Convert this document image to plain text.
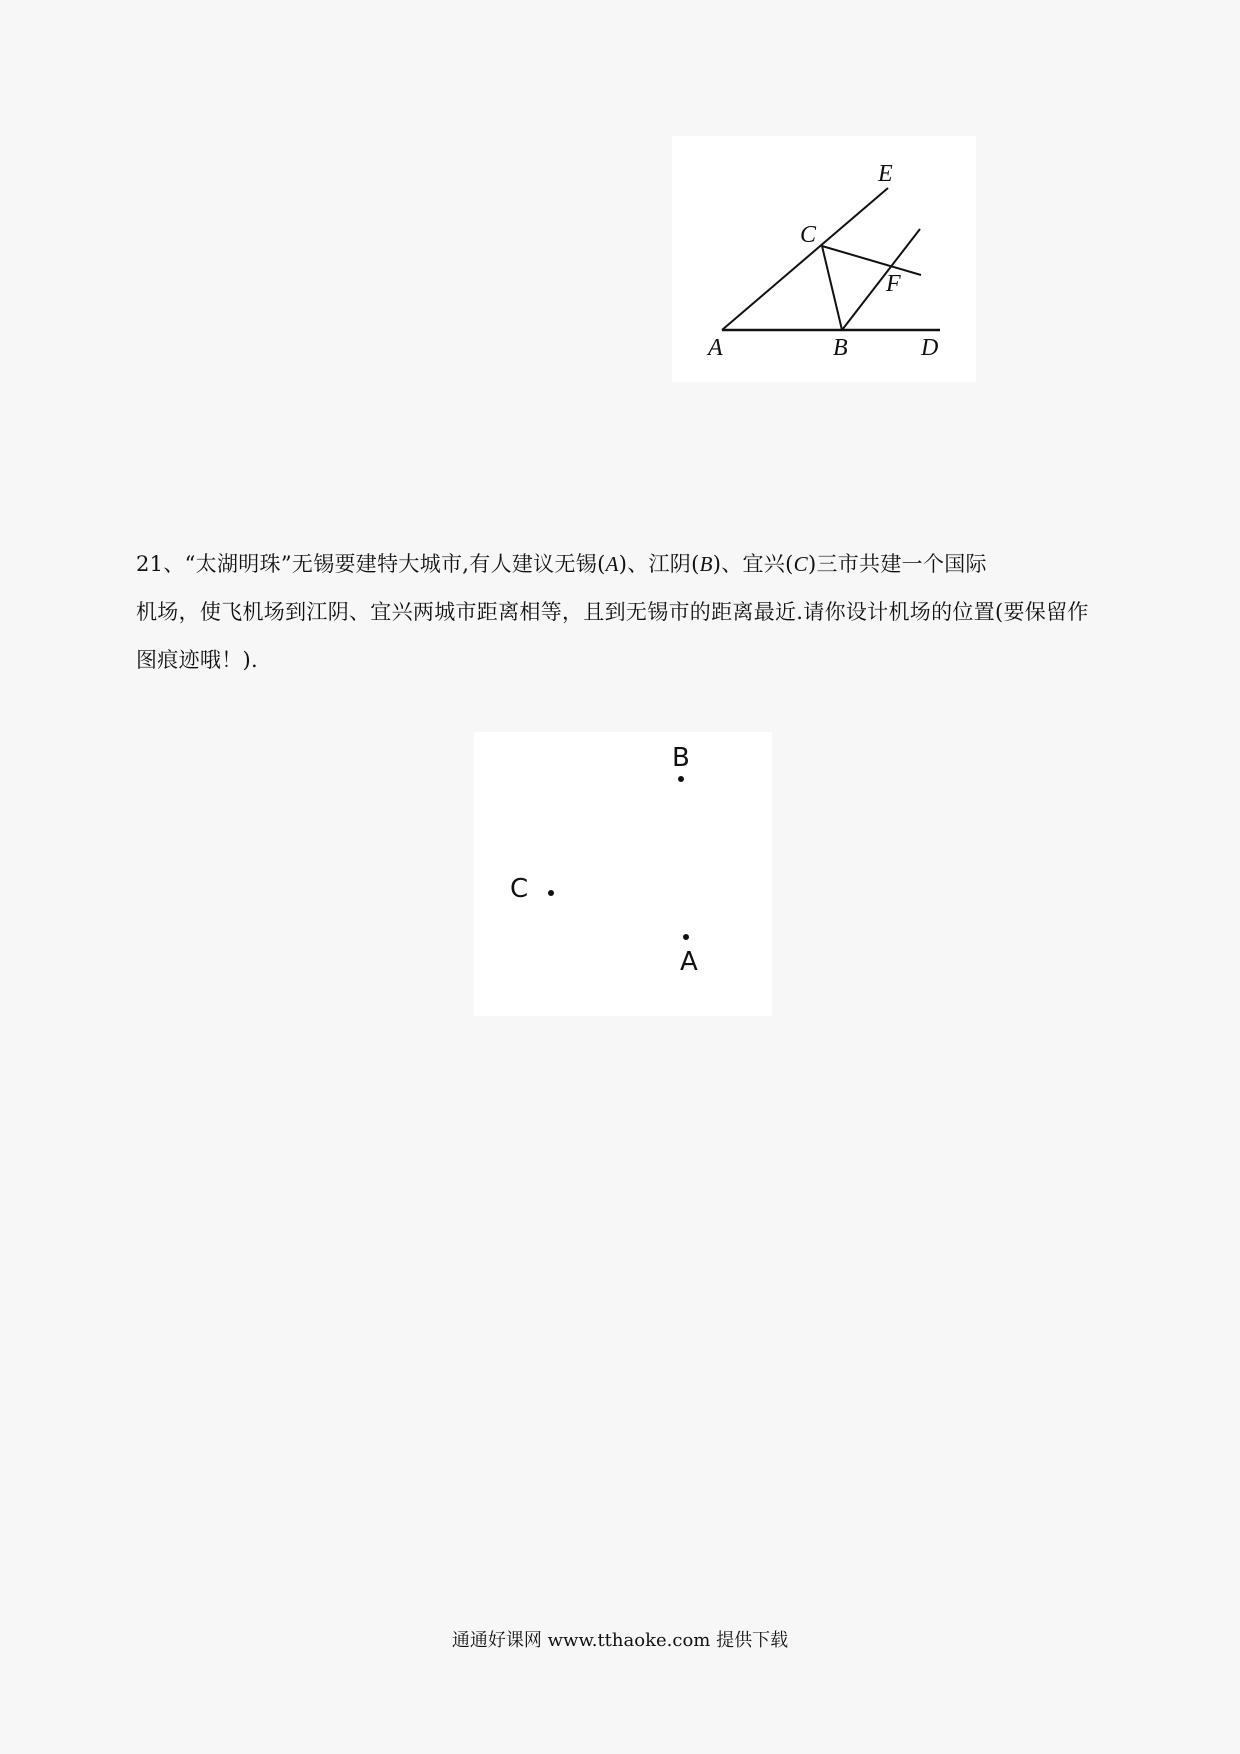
A	B
C
D
E
F
21、“太湖明珠”无锡要建特大城市,有人建议无锡(A)、江阴(B)、宜兴(C)三市共建一个国际
机场，使飞机场到江阴、宜兴两城市距离相等，且到无锡市的距离最近.请你设计机场的位置(要保留作
图痕迹哦！).
B
C
A
通通好课网 www.tthaoke.com 提供下载
